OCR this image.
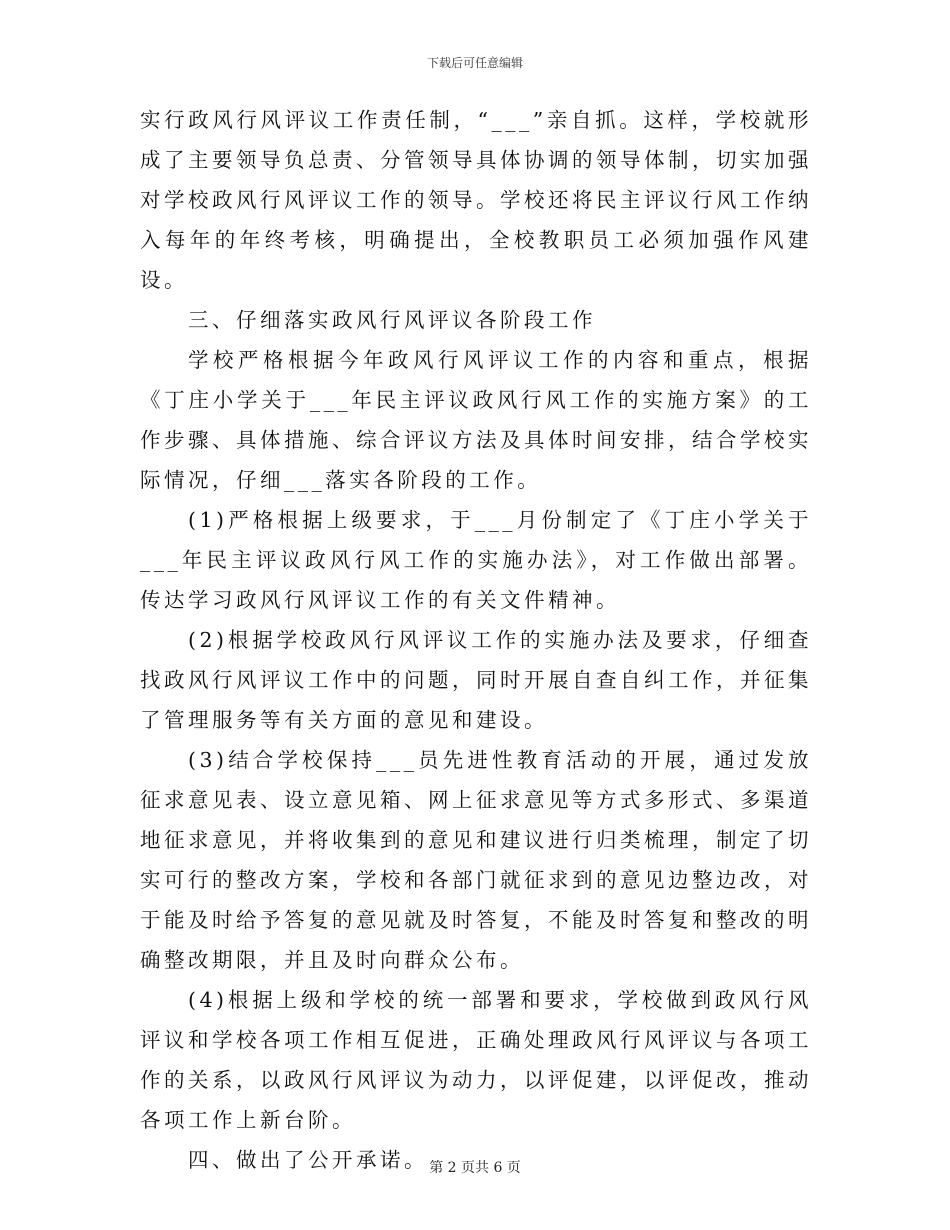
下载后可任意编辑

实行政风行风评议工作责任制，“___”亲自抓。这样，学校就形成了主要领导负总责、分管领导具体协调的领导体制，切实加强对学校政风行风评议工作的领导。学校还将民主评议行风工作纳入每年的年终考核，明确提出，全校教职员工必须加强作风建设。

三、仔细落实政风行风评议各阶段工作

学校严格根据今年政风行风评议工作的内容和重点，根据《丁庄小学关于___年民主评议政风行风工作的实施方案》的工作步骤、具体措施、综合评议方法及具体时间安排，结合学校实际情况，仔细___落实各阶段的工作。

(1)严格根据上级要求，于___月份制定了《丁庄小学关于___年民主评议政风行风工作的实施办法》，对工作做出部署。传达学习政风行风评议工作的有关文件精神。

(2)根据学校政风行风评议工作的实施办法及要求，仔细查找政风行风评议工作中的问题，同时开展自查自纠工作，并征集了管理服务等有关方面的意见和建设。

(3)结合学校保持___员先进性教育活动的开展，通过发放征求意见表、设立意见箱、网上征求意见等方式多形式、多渠道地征求意见，并将收集到的意见和建议进行归类梳理，制定了切实可行的整改方案，学校和各部门就征求到的意见边整边改，对于能及时给予答复的意见就及时答复，不能及时答复和整改的明确整改期限，并且及时向群众公布。

(4)根据上级和学校的统一部署和要求，学校做到政风行风评议和学校各项工作相互促进，正确处理政风行风评议与各项工作的关系，以政风行风评议为动力，以评促建，以评促改，推动各项工作上新台阶。

四、做出了公开承诺。 第 2 页共 6 页
